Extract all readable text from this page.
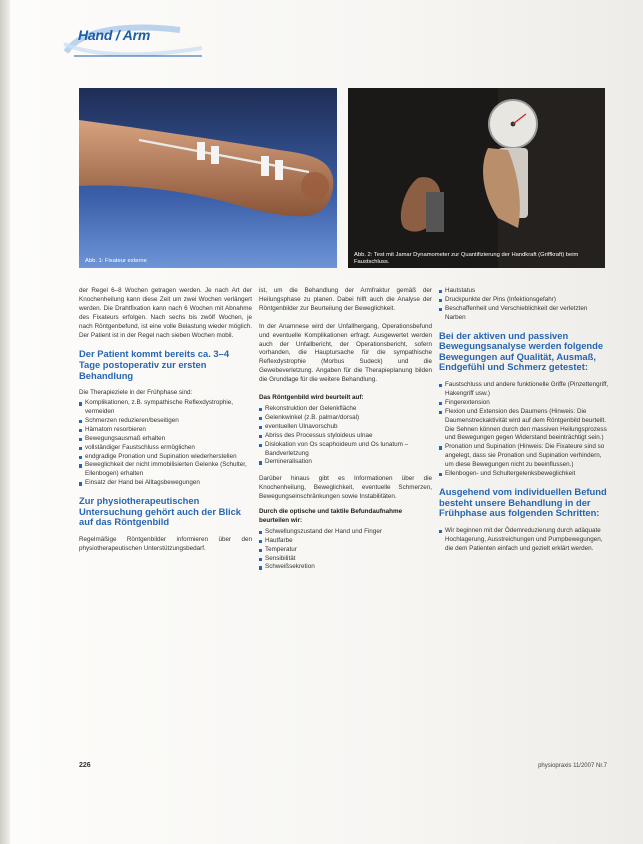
Hand / Arm
Abb. 1: Fixateur externe
Abb. 2: Test mit Jamar Dynamometer zur Quantifizierung der Handkraft (Griffkraft) beim Faustschluss.

der Regel 6–8 Wochen getragen werden. Je nach Art der Knochenheilung kann diese Zeit um zwei Wochen verlängert werden. Die Drahtfixation kann nach 6 Wochen mit Abnahme des Fixateurs erfolgen. Nach sechs bis zwölf Wochen, je nach Röntgenbefund, ist eine volle Belastung wieder möglich. Der Patient ist in der Regel nach sieben Wochen mobil.

Der Patient kommt bereits ca. 3–4 Tage postoperativ zur ersten Behandlung

Die Therapieziele in der Frühphase sind:

Komplikationen, z.B. sympathische Reflexdystrophie, vermeiden
Schmerzen reduzieren/beseitigen
Hämatom resorbieren
Bewegungsausmaß erhalten
vollständiger Faustschluss ermöglichen
endgradige Pronation und Supination wiederherstellen
Beweglichkeit der nicht immobilisierten Gelenke (Schulter, Ellenbogen) erhalten
Einsatz der Hand bei Alltagsbewegungen
Zur physiotherapeutischen Untersuchung gehört auch der Blick auf das Röntgenbild

Regelmäßige Röntgenbilder informieren über den physiotherapeutischen Unterstützungsbedarf.

ist, um die Behandlung der Armfraktur gemäß der Heilungsphase zu planen. Dabei hilft auch die Analyse der Röntgenbilder zur Beurteilung der Beweglichkeit.

In der Anamnese wird der Unfallhergang, Operationsbefund und eventuelle Komplikationen erfragt. Ausgewertet werden auch der Unfallbericht, der Operationsbericht, sofern vorhanden, die Hauptursache für die sympathische Reflexdystrophie (Morbus Sudeck) und die Gewebeverletzung. Angaben für die Therapieplanung bilden die Grundlage für die weitere Behandlung.

Das Röntgenbild wird beurteilt auf:
Rekonstruktion der Gelenkfläche
Gelenkwinkel (z.B. palmar/dorsal)
eventuellen Ulnavorschub
Abriss des Processus styloideus ulnae
Dislokation von Os scaphoideum und Os lunatum – Bandverletzung
Demineralisation

Darüber hinaus gibt es Informationen über die Knochenheilung, Beweglichkeit, eventuelle Schmerzen, Bewegungseinschränkungen sowie Instabilitäten.

Durch die optische und taktile Befundaufnahme beurteilen wir:
Schwellungszustand der Hand und Finger
Hautfarbe
Temperatur
Sensibilität
Schweißsekretion
Hautstatus
Druckpunkte der Pins (Infektionsgefahr)
Beschaffenheit und Verschieblichkeit der verletzten Narben
Bei der aktiven und passiven Bewegungsanalyse werden folgende Bewegungen auf Qualität, Ausmaß, Endgefühl und Schmerz getestet:
Faustschluss und andere funktionelle Griffe (Pinzettengriff, Hakengriff usw.)
Fingerextension
Flexion und Extension des Daumens (Hinweis: Die Daumenstreckaktivität wird auf dem Röntgenbild beurteilt. Die Sehnen können durch den massiven Heilungsprozess und Bewegungen gegen Widerstand beeinträchtigt sein.)
Pronation und Supination (Hinweis: Die Fixateure sind so angelegt, dass sie Pronation und Supination verhindern, um diese Bewegungen nicht zu beeinflussen.)
Ellenbogen- und Schultergelenksbeweglichkeit
Ausgehend vom individuellen Befund besteht unsere Behandlung in der Frühphase aus folgenden Schritten:
Wir beginnen mit der Ödemreduzierung durch adäquate Hochlagerung, Ausstreichungen und Pumpbewegungen, die dem Patienten einfach und gezielt erklärt werden.
226	physiopraxis 11/2007 Nr.7
